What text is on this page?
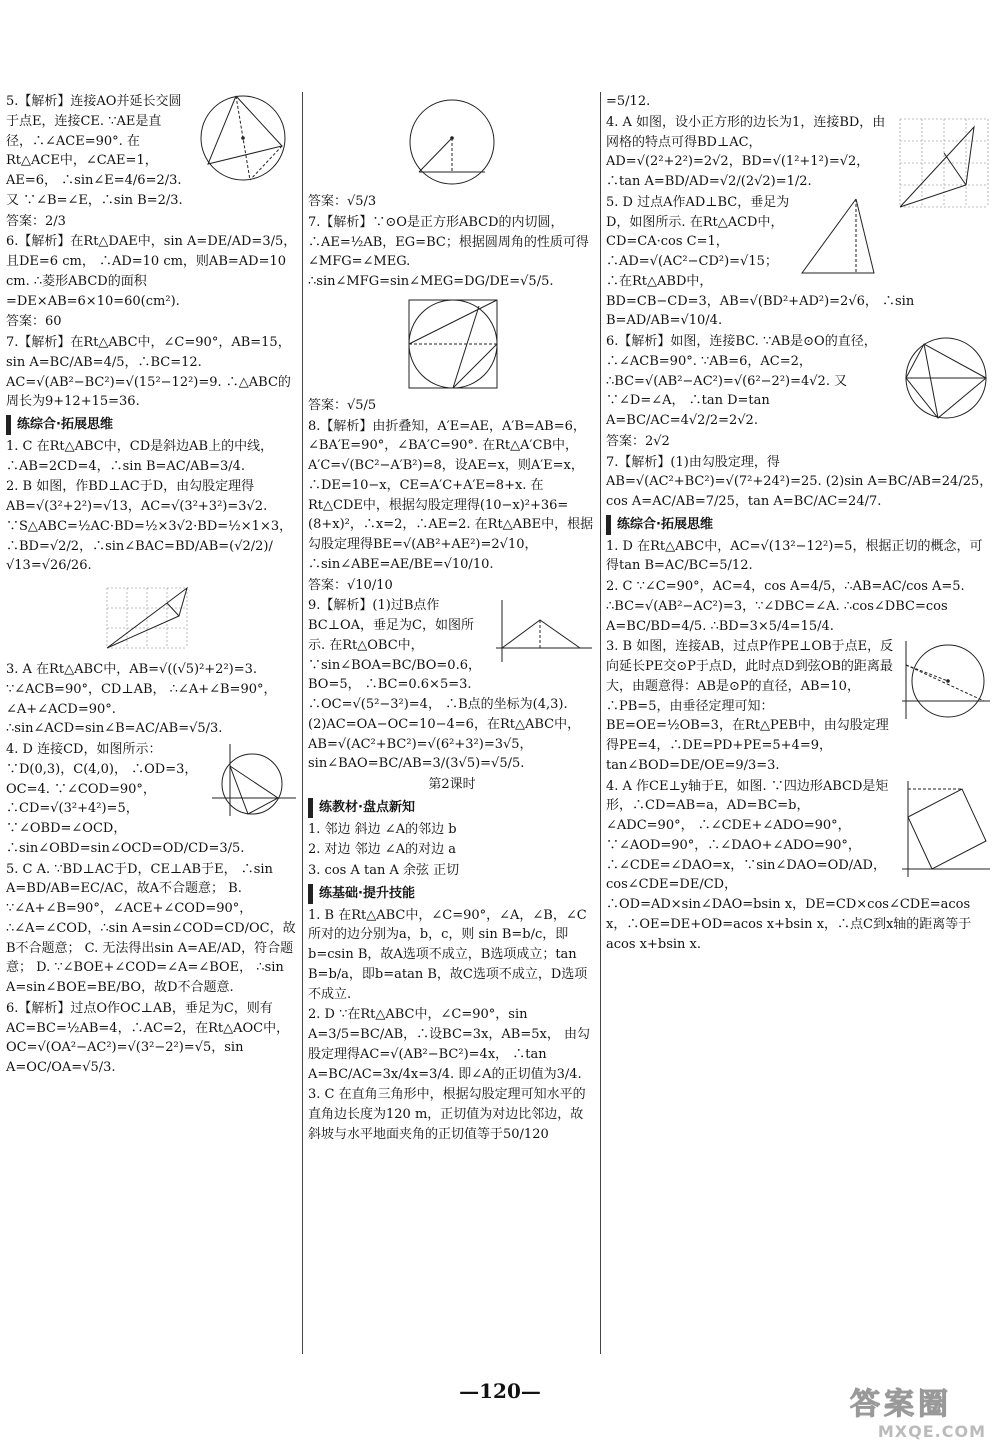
5.【解析】连接AO并延长交圆于点E，连接CE. ∵AE是直径，∴∠ACE=90°. 在Rt△ACE中，∠CAE=1，AE=6， ∴sin∠E=4/6=2/3. 又 ∵∠B=∠E，∴sin B=2/3.

答案：2/3

6.【解析】在Rt△DAE中，sin A=DE/AD=3/5，且DE=6 cm， ∴AD=10 cm，则AB=AD=10 cm. ∴菱形ABCD的面积=DE×AB=6×10=60(cm²).

答案：60

7.【解析】在Rt△ABC中，∠C=90°，AB=15，sin A=BC/AB=4/5，∴BC=12. AC=√(AB²−BC²)=√(15²−12²)=9. ∴△ABC的周长为9+12+15=36.

练综合·拓展思维

1. C 在Rt△ABC中，CD是斜边AB上的中线， ∴AB=2CD=4，∴sin B=AC/AB=3/4.

2. B 如图，作BD⊥AC于D，由勾股定理得AB=√(3²+2²)=√13，AC=√(3²+3²)=3√2. ∵S△ABC=½AC·BD=½×3√2·BD=½×1×3，∴BD=√2/2，∴sin∠BAC=BD/AB=(√2/2)/√13=√26/26.

3. A 在Rt△ABC中，AB=√((√5)²+2²)=3. ∵∠ACB=90°，CD⊥AB， ∴∠A+∠B=90°，∠A+∠ACD=90°. ∴sin∠ACD=sin∠B=AC/AB=√5/3.

4. D 连接CD，如图所示： ∵D(0,3)，C(4,0)， ∴OD=3，OC=4. ∵∠COD=90°， ∴CD=√(3²+4²)=5， ∵∠OBD=∠OCD， ∴sin∠OBD=sin∠OCD=OD/CD=3/5.

5. C A. ∵BD⊥AC于D，CE⊥AB于E， ∴sin A=BD/AB=EC/AC，故A不合题意； B. ∵∠A+∠B=90°，∠ACE+∠COD=90°，∴∠A=∠COD，∴sin A=sin∠COD=CD/OC，故B不合题意； C. 无法得出sin A=AE/AD，符合题意； D. ∵∠BOE+∠COD=∠A=∠BOE， ∴sin A=sin∠BOE=BE/BO，故D不合题意.

6.【解析】过点O作OC⊥AB，垂足为C，则有AC=BC=½AB=4，∴AC=2，在Rt△AOC中，OC=√(OA²−AC²)=√(3²−2²)=√5，sin A=OC/OA=√5/3.

答案：√5/3

7.【解析】∵⊙O是正方形ABCD的内切圆， ∴AE=½AB，EG=BC；根据圆周角的性质可得∠MFG=∠MEG. ∴sin∠MFG=sin∠MEG=DG/DE=√5/5.

答案：√5/5

8.【解析】由折叠知，A′E=AE，A′B=AB=6，∠BA′E=90°，∠BA′C=90°. 在Rt△A′CB中，A′C=√(BC²−A′B²)=8，设AE=x，则A′E=x，∴DE=10−x，CE=A′C+A′E=8+x. 在Rt△CDE中，根据勾股定理得(10−x)²+36=(8+x)²，∴x=2，∴AE=2. 在Rt△ABE中，根据勾股定理得BE=√(AB²+AE²)=2√10，∴sin∠ABE=AE/BE=√10/10.

答案：√10/10

9.【解析】(1)过B点作BC⊥OA，垂足为C，如图所示. 在Rt△OBC中， ∵sin∠BOA=BC/BO=0.6， BO=5， ∴BC=0.6×5=3. ∴OC=√(5²−3²)=4， ∴B点的坐标为(4,3). (2)AC=OA−OC=10−4=6，在Rt△ABC中，AB=√(AC²+BC²)=√(6²+3²)=3√5， sin∠BAO=BC/AB=3/(3√5)=√5/5.

第2课时

练教材·盘点新知

1. 邻边 斜边 ∠A的邻边 b

2. 对边 邻边 ∠A的对边 a

3. cos A tan A 余弦 正切

练基础·提升技能

1. B 在Rt△ABC中，∠C=90°，∠A，∠B，∠C所对的边分别为a，b，c，则 sin B=b/c，即b=csin B，故A选项不成立，B选项成立；tan B=b/a，即b=atan B，故C选项不成立，D选项不成立.

2. D ∵在Rt△ABC中，∠C=90°，sin A=3/5=BC/AB，∴设BC=3x，AB=5x， 由勾股定理得AC=√(AB²−BC²)=4x， ∴tan A=BC/AC=3x/4x=3/4. 即∠A的正切值为3/4.

3. C 在直角三角形中，根据勾股定理可知水平的直角边长度为120 m，正切值为对边比邻边，故斜坡与水平地面夹角的正切值等于50/120

=5/12.

4. A 如图，设小正方形的边长为1，连接BD，由网格的特点可得BD⊥AC，AD=√(2²+2²)=2√2，BD=√(1²+1²)=√2，∴tan A=BD/AD=√2/(2√2)=1/2.

5. D 过点A作AD⊥BC，垂足为D，如图所示. 在Rt△ACD中，CD=CA·cos C=1， ∴AD=√(AC²−CD²)=√15； ∴在Rt△ABD中，BD=CB−CD=3，AB=√(BD²+AD²)=2√6， ∴sin B=AD/AB=√10/4.

6.【解析】如图，连接BC. ∵AB是⊙O的直径， ∴∠ACB=90°. ∵AB=6，AC=2， ∴BC=√(AB²−AC²)=√(6²−2²)=4√2. 又∵∠D=∠A， ∴tan D=tan A=BC/AC=4√2/2=2√2.

答案：2√2

7.【解析】(1)由勾股定理，得AB=√(AC²+BC²)=√(7²+24²)=25. (2)sin A=BC/AB=24/25，cos A=AC/AB=7/25，tan A=BC/AC=24/7.

练综合·拓展思维

1. D 在Rt△ABC中，AC=√(13²−12²)=5，根据正切的概念，可得tan B=AC/BC=5/12.

2. C ∵∠C=90°，AC=4，cos A=4/5，∴AB=AC/cos A=5. ∴BC=√(AB²−AC²)=3，∵∠DBC=∠A. ∴cos∠DBC=cos A=BC/BD=4/5. ∴BD=3×5/4=15/4.

3. B 如图，连接AB，过点P作PE⊥OB于点E，反向延长PE交⊙P于点D，此时点D到弦OB的距离最大，由题意得：AB是⊙P的直径，AB=10， ∴PB=5，由垂径定理可知：BE=OE=½OB=3，在Rt△PEB中，由勾股定理得PE=4，∴DE=PD+PE=5+4=9，tan∠BOD=DE/OE=9/3=3.

4. A 作CE⊥y轴于E，如图. ∵四边形ABCD是矩形，∴CD=AB=a，AD=BC=b，∠ADC=90°， ∴∠CDE+∠ADO=90°， ∵∠AOD=90°，∴∠DAO+∠ADO=90°，∴∠CDE=∠DAO=x，∵sin∠DAO=OD/AD，cos∠CDE=DE/CD，∴OD=AD×sin∠DAO=bsin x，DE=CD×cos∠CDE=acos x，∴OE=DE+OD=acos x+bsin x，∴点C到x轴的距离等于acos x+bsin x.

—120—	答案圈
MXQE.COM
